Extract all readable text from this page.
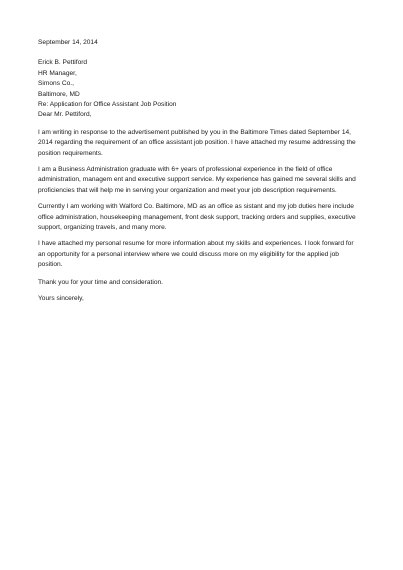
September 14, 2014
Erick B. Pettiford
HR Manager,
Simons Co.,
Baltimore, MD
Re: Application for Office Assistant Job Position
Dear Mr. Pettiford,

I am writing in response to the advertisement published by you in the Baltimore Times dated September 14,
2014 regarding the requirement of an office assistant job position. I have attached my resume addressing the
position requirements.

I am a Business Administration graduate with 6+ years of professional experience in the field of office
administration, managem ent and executive support service. My experience has gained me several skills and
proficiencies that will help me in serving your organization and meet your job description requirements.

Currently I am working with Walford Co. Baltimore, MD as an office as sistant and my job duties here include
office administration, housekeeping management, front desk support, tracking orders and supplies, executive
support, organizing travels, and many more.

I have attached my personal resume for more information about my skills and experiences. I look forward for
an opportunity for a personal interview where we could discuss more on my eligibility for the applied job
position.

Thank you for your time and consideration.

Yours sincerely,
